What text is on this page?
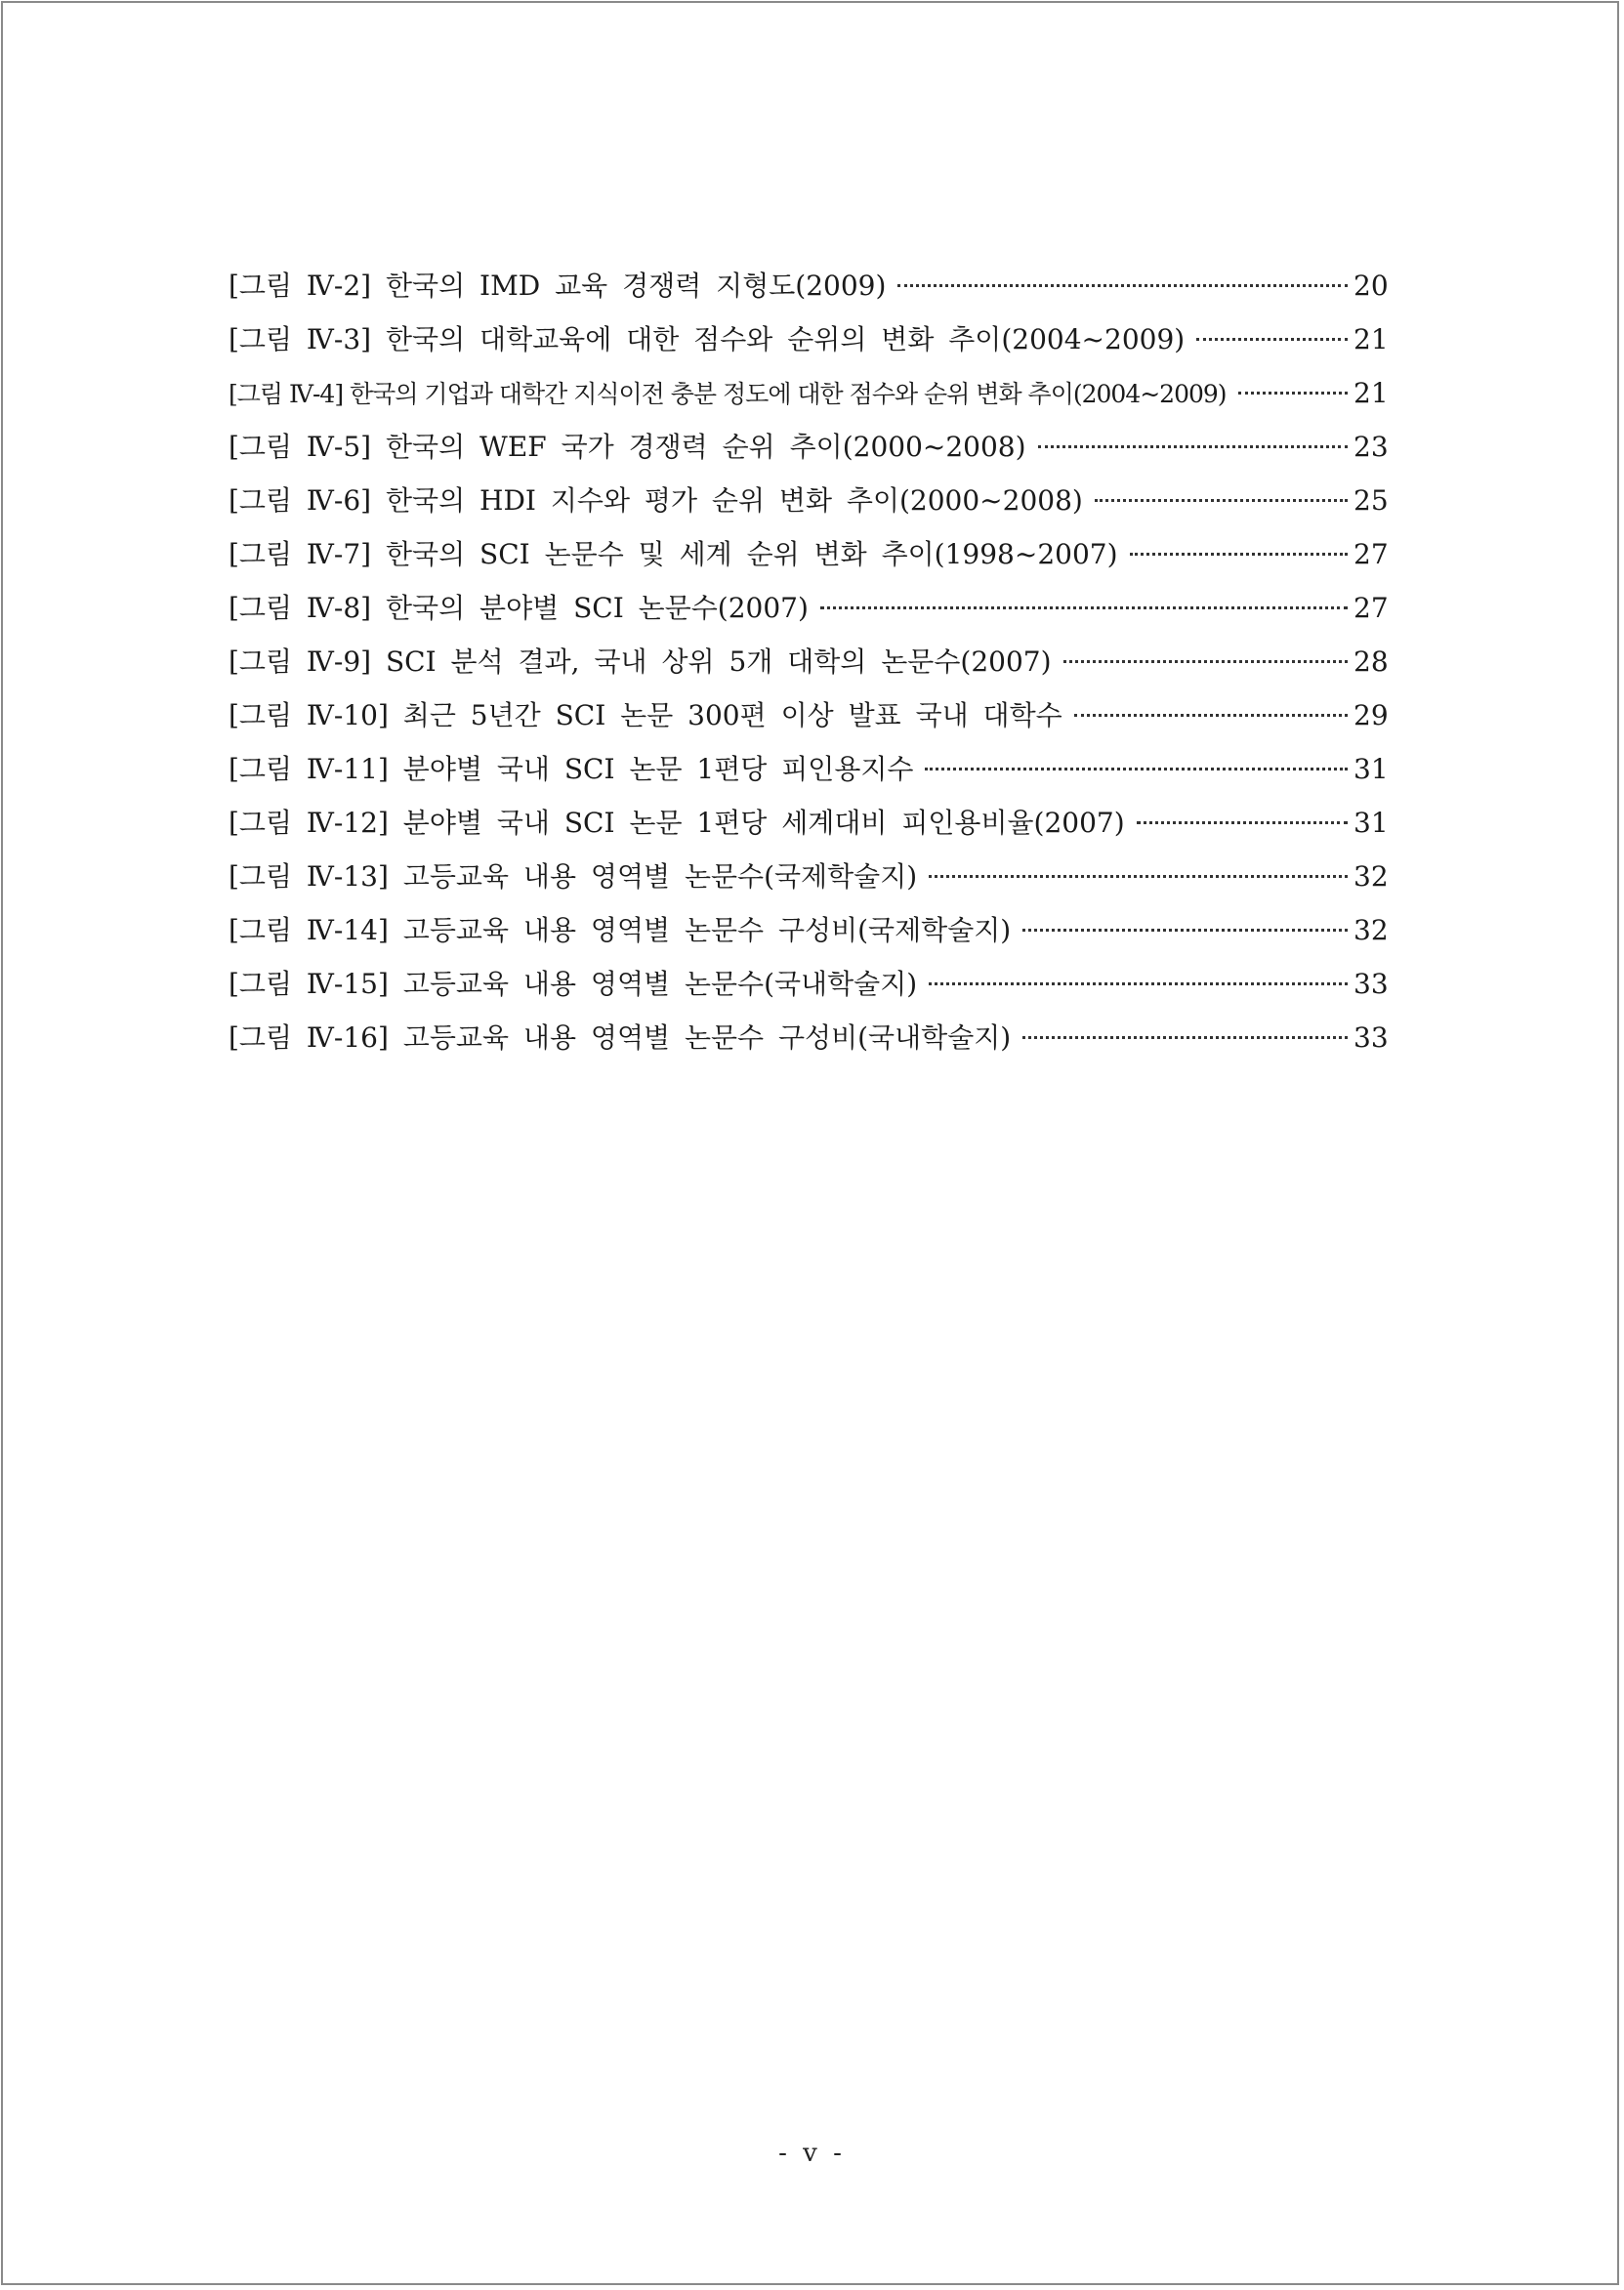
[그림 Ⅳ-2] 한국의 IMD 교육 경쟁력 지형도(2009)	20
[그림 Ⅳ-3] 한국의 대학교육에 대한 점수와 순위의 변화 추이(2004~2009)	21
[그림 Ⅳ-4] 한국의 기업과 대학간 지식이전 충분 정도에 대한 점수와 순위 변화 추이(2004~2009)	21
[그림 Ⅳ-5] 한국의 WEF 국가 경쟁력 순위 추이(2000~2008)	23
[그림 Ⅳ-6] 한국의 HDI 지수와 평가 순위 변화 추이(2000~2008)	25
[그림 Ⅳ-7] 한국의 SCI 논문수 및 세계 순위 변화 추이(1998~2007)	27
[그림 Ⅳ-8] 한국의 분야별 SCI 논문수(2007)	27
[그림 Ⅳ-9] SCI 분석 결과, 국내 상위 5개 대학의 논문수(2007)	28
[그림 Ⅳ-10] 최근 5년간 SCI 논문 300편 이상 발표 국내 대학수	29
[그림 Ⅳ-11] 분야별 국내 SCI 논문 1편당 피인용지수	31
[그림 Ⅳ-12] 분야별 국내 SCI 논문 1편당 세계대비 피인용비율(2007)	31
[그림 Ⅳ-13] 고등교육 내용 영역별 논문수(국제학술지)	32
[그림 Ⅳ-14] 고등교육 내용 영역별 논문수 구성비(국제학술지)	32
[그림 Ⅳ-15] 고등교육 내용 영역별 논문수(국내학술지)	33
[그림 Ⅳ-16] 고등교육 내용 영역별 논문수 구성비(국내학술지)	33
- v -
